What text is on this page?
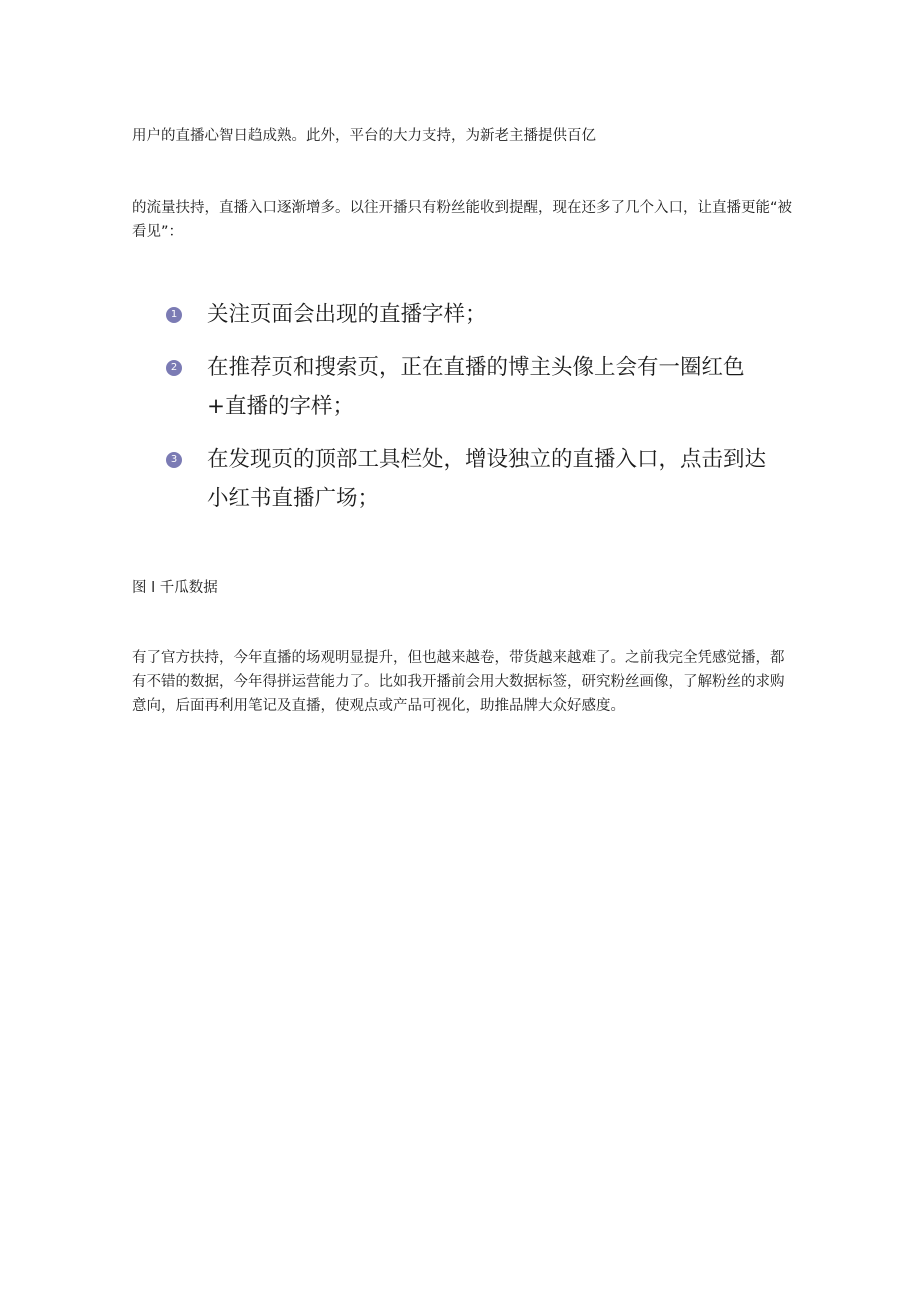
用户的直播心智日趋成熟。此外，平台的大力支持，为新老主播提供百亿

的流量扶持，直播入口逐渐增多。以往开播只有粉丝能收到提醒，现在还多了几个入口，让直播更能“被看见”：

1 关注页面会出现的直播字样；
2 在推荐页和搜索页，正在直播的博主头像上会有一圈红色+直播的字样；
3 在发现页的顶部工具栏处，增设独立的直播入口，点击到达小红书直播广场；

图 l 千瓜数据

有了官方扶持，今年直播的场观明显提升，但也越来越卷，带货越来越难了。之前我完全凭感觉播，都有不错的数据，今年得拼运营能力了。比如我开播前会用大数据标签，研究粉丝画像，了解粉丝的求购意向，后面再利用笔记及直播，使观点或产品可视化，助推品牌大众好感度。
